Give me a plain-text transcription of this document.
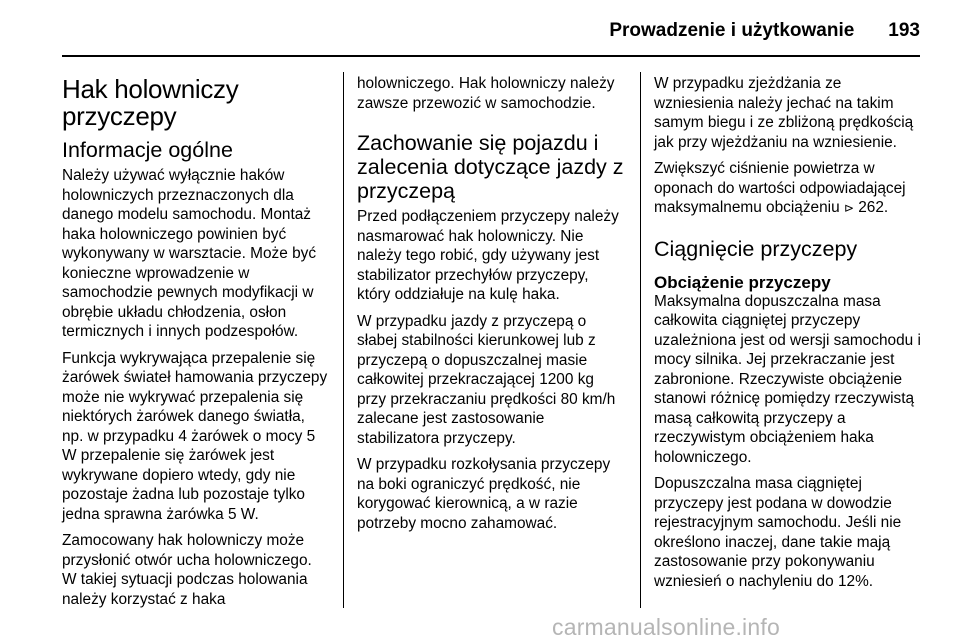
Prowadzenie i użytkowanie 193
Hak holowniczy przyczepy
Informacje ogólne

Należy używać wyłącznie haków holowniczych przeznaczonych dla danego modelu samochodu. Montaż haka holowniczego powinien być wykonywany w warsztacie. Może być konieczne wprowadzenie w samochodzie pewnych modyfikacji w obrębie układu chłodzenia, osłon termicznych i innych podzespołów.

Funkcja wykrywająca przepalenie się żarówek świateł hamowania przyczepy może nie wykrywać przepalenia się niektórych żarówek danego światła, np. w przypadku 4 żarówek o mocy 5 W przepalenie się żarówek jest wykrywane dopiero wtedy, gdy nie pozostaje żadna lub pozostaje tylko jedna sprawna żarówka 5 W.

Zamocowany hak holowniczy może przysłonić otwór ucha holowniczego. W takiej sytuacji podczas holowania należy korzystać z haka

holowniczego. Hak holowniczy należy zawsze przewozić w samochodzie.

Zachowanie się pojazdu i zalecenia dotyczące jazdy z przyczepą

Przed podłączeniem przyczepy należy nasmarować hak holowniczy. Nie należy tego robić, gdy używany jest stabilizator przechyłów przyczepy, który oddziałuje na kulę haka.

W przypadku jazdy z przyczepą o słabej stabilności kierunkowej lub z przyczepą o dopuszczalnej masie całkowitej przekraczającej 1200 kg przy przekraczaniu prędkości 80 km/h zalecane jest zastosowanie stabilizatora przyczepy.

W przypadku rozkołysania przyczepy na boki ograniczyć prędkość, nie korygować kierownicą, a w razie potrzeby mocno zahamować.

W przypadku zjeżdżania ze wzniesienia należy jechać na takim samym biegu i ze zbliżoną prędkością jak przy wjeżdżaniu na wzniesienie.

Zwiększyć ciśnienie powietrza w oponach do wartości odpowiadającej maksymalnemu obciążeniu ⊳ 262.

Ciągnięcie przyczepy
Obciążenie przyczepy

Maksymalna dopuszczalna masa całkowita ciągniętej przyczepy uzależniona jest od wersji samochodu i mocy silnika. Jej przekraczanie jest zabronione. Rzeczywiste obciążenie stanowi różnicę pomiędzy rzeczywistą masą całkowitą przyczepy a rzeczywistym obciążeniem haka holowniczego.

Dopuszczalna masa ciągniętej przyczepy jest podana w dowodzie rejestracyjnym samochodu. Jeśli nie określono inaczej, dane takie mają zastosowanie przy pokonywaniu wzniesień o nachyleniu do 12%.

carmanualsonline.info
